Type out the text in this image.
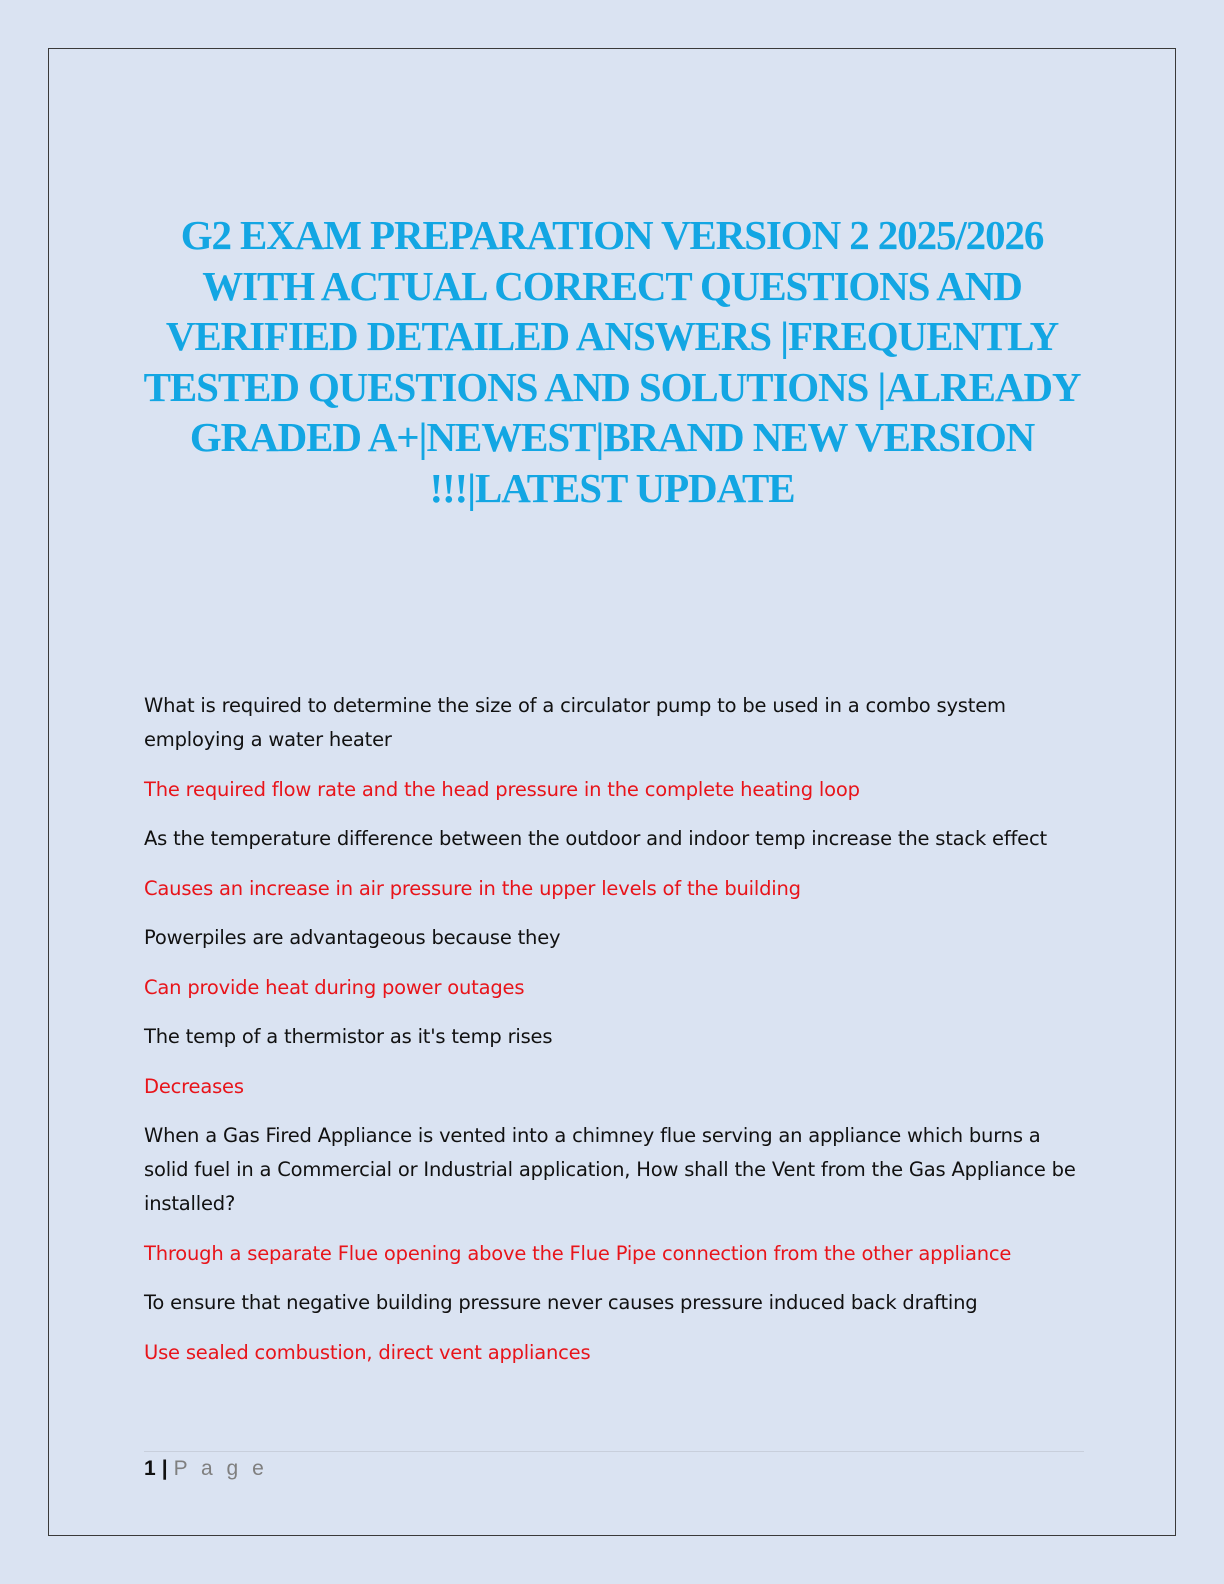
G2 EXAM PREPARATION VERSION 2 2025/2026 WITH ACTUAL CORRECT QUESTIONS AND VERIFIED DETAILED ANSWERS |FREQUENTLY TESTED QUESTIONS AND SOLUTIONS |ALREADY GRADED A+|NEWEST|BRAND NEW VERSION !!!|LATEST UPDATE

What is required to determine the size of a circulator pump to be used in a combo system employing a water heater

The required flow rate and the head pressure in the complete heating loop

As the temperature difference between the outdoor and indoor temp increase the stack effect

Causes an increase in air pressure in the upper levels of the building

Powerpiles are advantageous because they

Can provide heat during power outages

The temp of a thermistor as it's temp rises

Decreases

When a Gas Fired Appliance is vented into a chimney flue serving an appliance which burns a solid fuel in a Commercial or Industrial application, How shall the Vent from the Gas Appliance be installed?

Through a separate Flue opening above the Flue Pipe connection from the other appliance

To ensure that negative building pressure never causes pressure induced back drafting

Use sealed combustion, direct vent appliances

1 | P a g e
